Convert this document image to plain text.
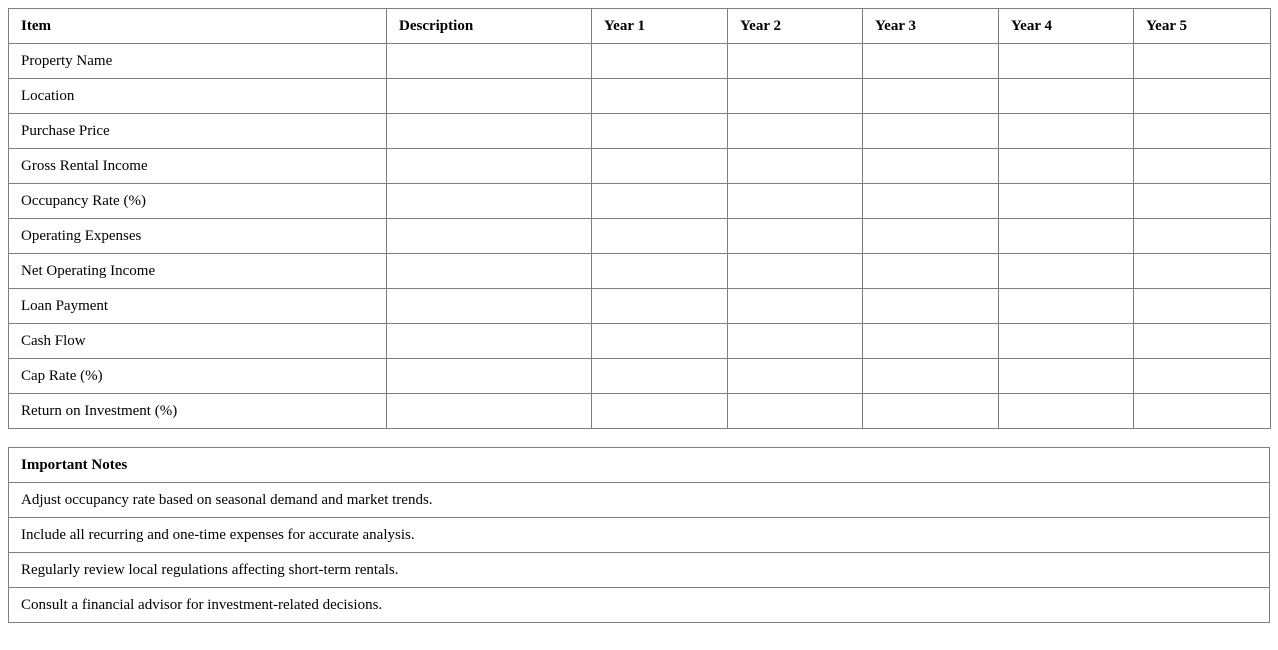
Item	Description	Year 1	Year 2	Year 3	Year 4	Year 5
Property Name						
Location						
Purchase Price						
Gross Rental Income						
Occupancy Rate (%)						
Operating Expenses						
Net Operating Income						
Loan Payment						
Cash Flow						
Cap Rate (%)						
Return on Investment (%)						
Important Notes
Adjust occupancy rate based on seasonal demand and market trends.
Include all recurring and one-time expenses for accurate analysis.
Regularly review local regulations affecting short-term rentals.
Consult a financial advisor for investment-related decisions.
